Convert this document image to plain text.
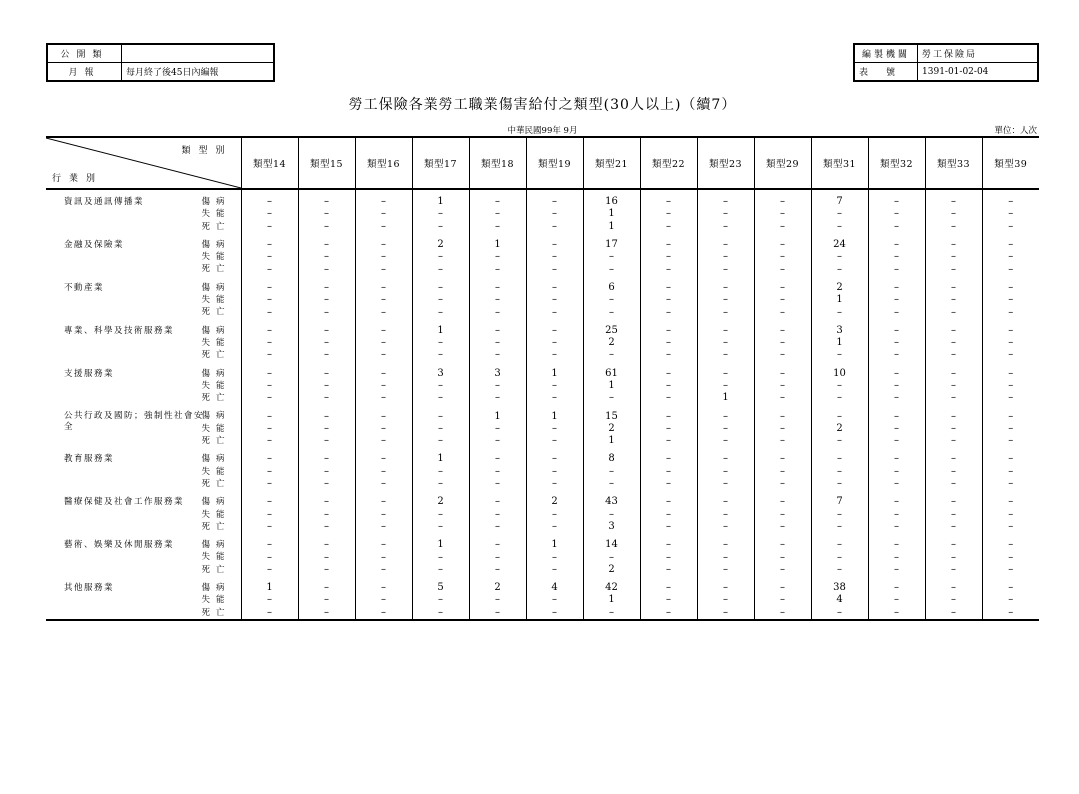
公開類	
月報	每月終了後45日內編報
編製機關	勞工保險局
表號	1391-01-02-04
勞工保險各業勞工職業傷害給付之類型(30人以上)（續7）
中華民國99年 9月	單位：人次
類型別
行業別	類型14	類型15	類型16	類型17	類型18	類型19	類型21	類型22	類型23	類型29	類型31	類型32	類型33	類型39

資訊及通訊傳播業 傷病	–	–	–	1	–	–	16	–	–	–	7	–	–	–

失能	–	–	–	–	–	–	1	–	–	–	–	–	–	–

死亡	–	–	–	–	–	–	1	–	–	–	–	–	–	–

金融及保險業 傷病	–	–	–	2	1	–	17	–	–	–	24	–	–	–

失能	–	–	–	–	–	–	–	–	–	–	–	–	–	–

死亡	–	–	–	–	–	–	–	–	–	–	–	–	–	–

不動產業 傷病	–	–	–	–	–	–	6	–	–	–	2	–	–	–

失能	–	–	–	–	–	–	–	–	–	–	1	–	–	–

死亡	–	–	–	–	–	–	–	–	–	–	–	–	–	–

專業、科學及技術服務業 傷病	–	–	–	1	–	–	25	–	–	–	3	–	–	–

失能	–	–	–	–	–	–	2	–	–	–	1	–	–	–

死亡	–	–	–	–	–	–	–	–	–	–	–	–	–	–

支援服務業 傷病	–	–	–	3	3	1	61	–	–	–	10	–	–	–

失能	–	–	–	–	–	–	1	–	–	–	–	–	–	–

死亡	–	–	–	–	–	–	–	–	1	–	–	–	–	–

公共行政及國防；強制性社會安全
傷病	–	–	–	–	1	1	15	–	–	–	–	–	–	–

失能	–	–	–	–	–	–	2	–	–	–	2	–	–	–

死亡	–	–	–	–	–	–	1	–	–	–	–	–	–	–

教育服務業 傷病	–	–	–	1	–	–	8	–	–	–	–	–	–	–

失能	–	–	–	–	–	–	–	–	–	–	–	–	–	–

死亡	–	–	–	–	–	–	–	–	–	–	–	–	–	–

醫療保健及社會工作服務業 傷病	–	–	–	2	–	2	43	–	–	–	7	–	–	–

失能	–	–	–	–	–	–	–	–	–	–	–	–	–	–

死亡	–	–	–	–	–	–	3	–	–	–	–	–	–	–

藝術、娛樂及休閒服務業 傷病	–	–	–	1	–	1	14	–	–	–	–	–	–	–

失能	–	–	–	–	–	–	–	–	–	–	–	–	–	–

死亡	–	–	–	–	–	–	2	–	–	–	–	–	–	–

其他服務業 傷病	1	–	–	5	2	4	42	–	–	–	38	–	–	–

失能	–	–	–	–	–	–	1	–	–	–	4	–	–	–

死亡	–	–	–	–	–	–	–	–	–	–	–	–	–	–
